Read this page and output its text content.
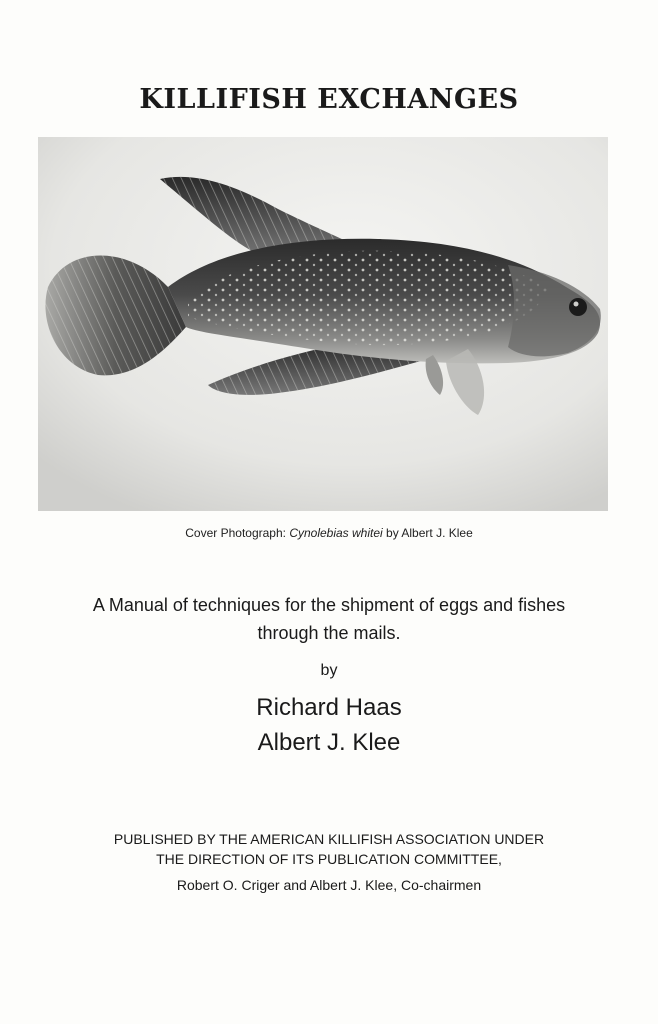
KILLIFISH EXCHANGES
Cover Photograph: Cynolebias whitei by Albert J. Klee
A Manual of techniques for the shipment of eggs and fishes
through the mails.
by
Richard Haas
Albert J. Klee
PUBLISHED BY THE AMERICAN KILLIFISH ASSOCIATION UNDER
THE DIRECTION OF ITS PUBLICATION COMMITTEE,
Robert O. Criger and Albert J. Klee, Co-chairmen
